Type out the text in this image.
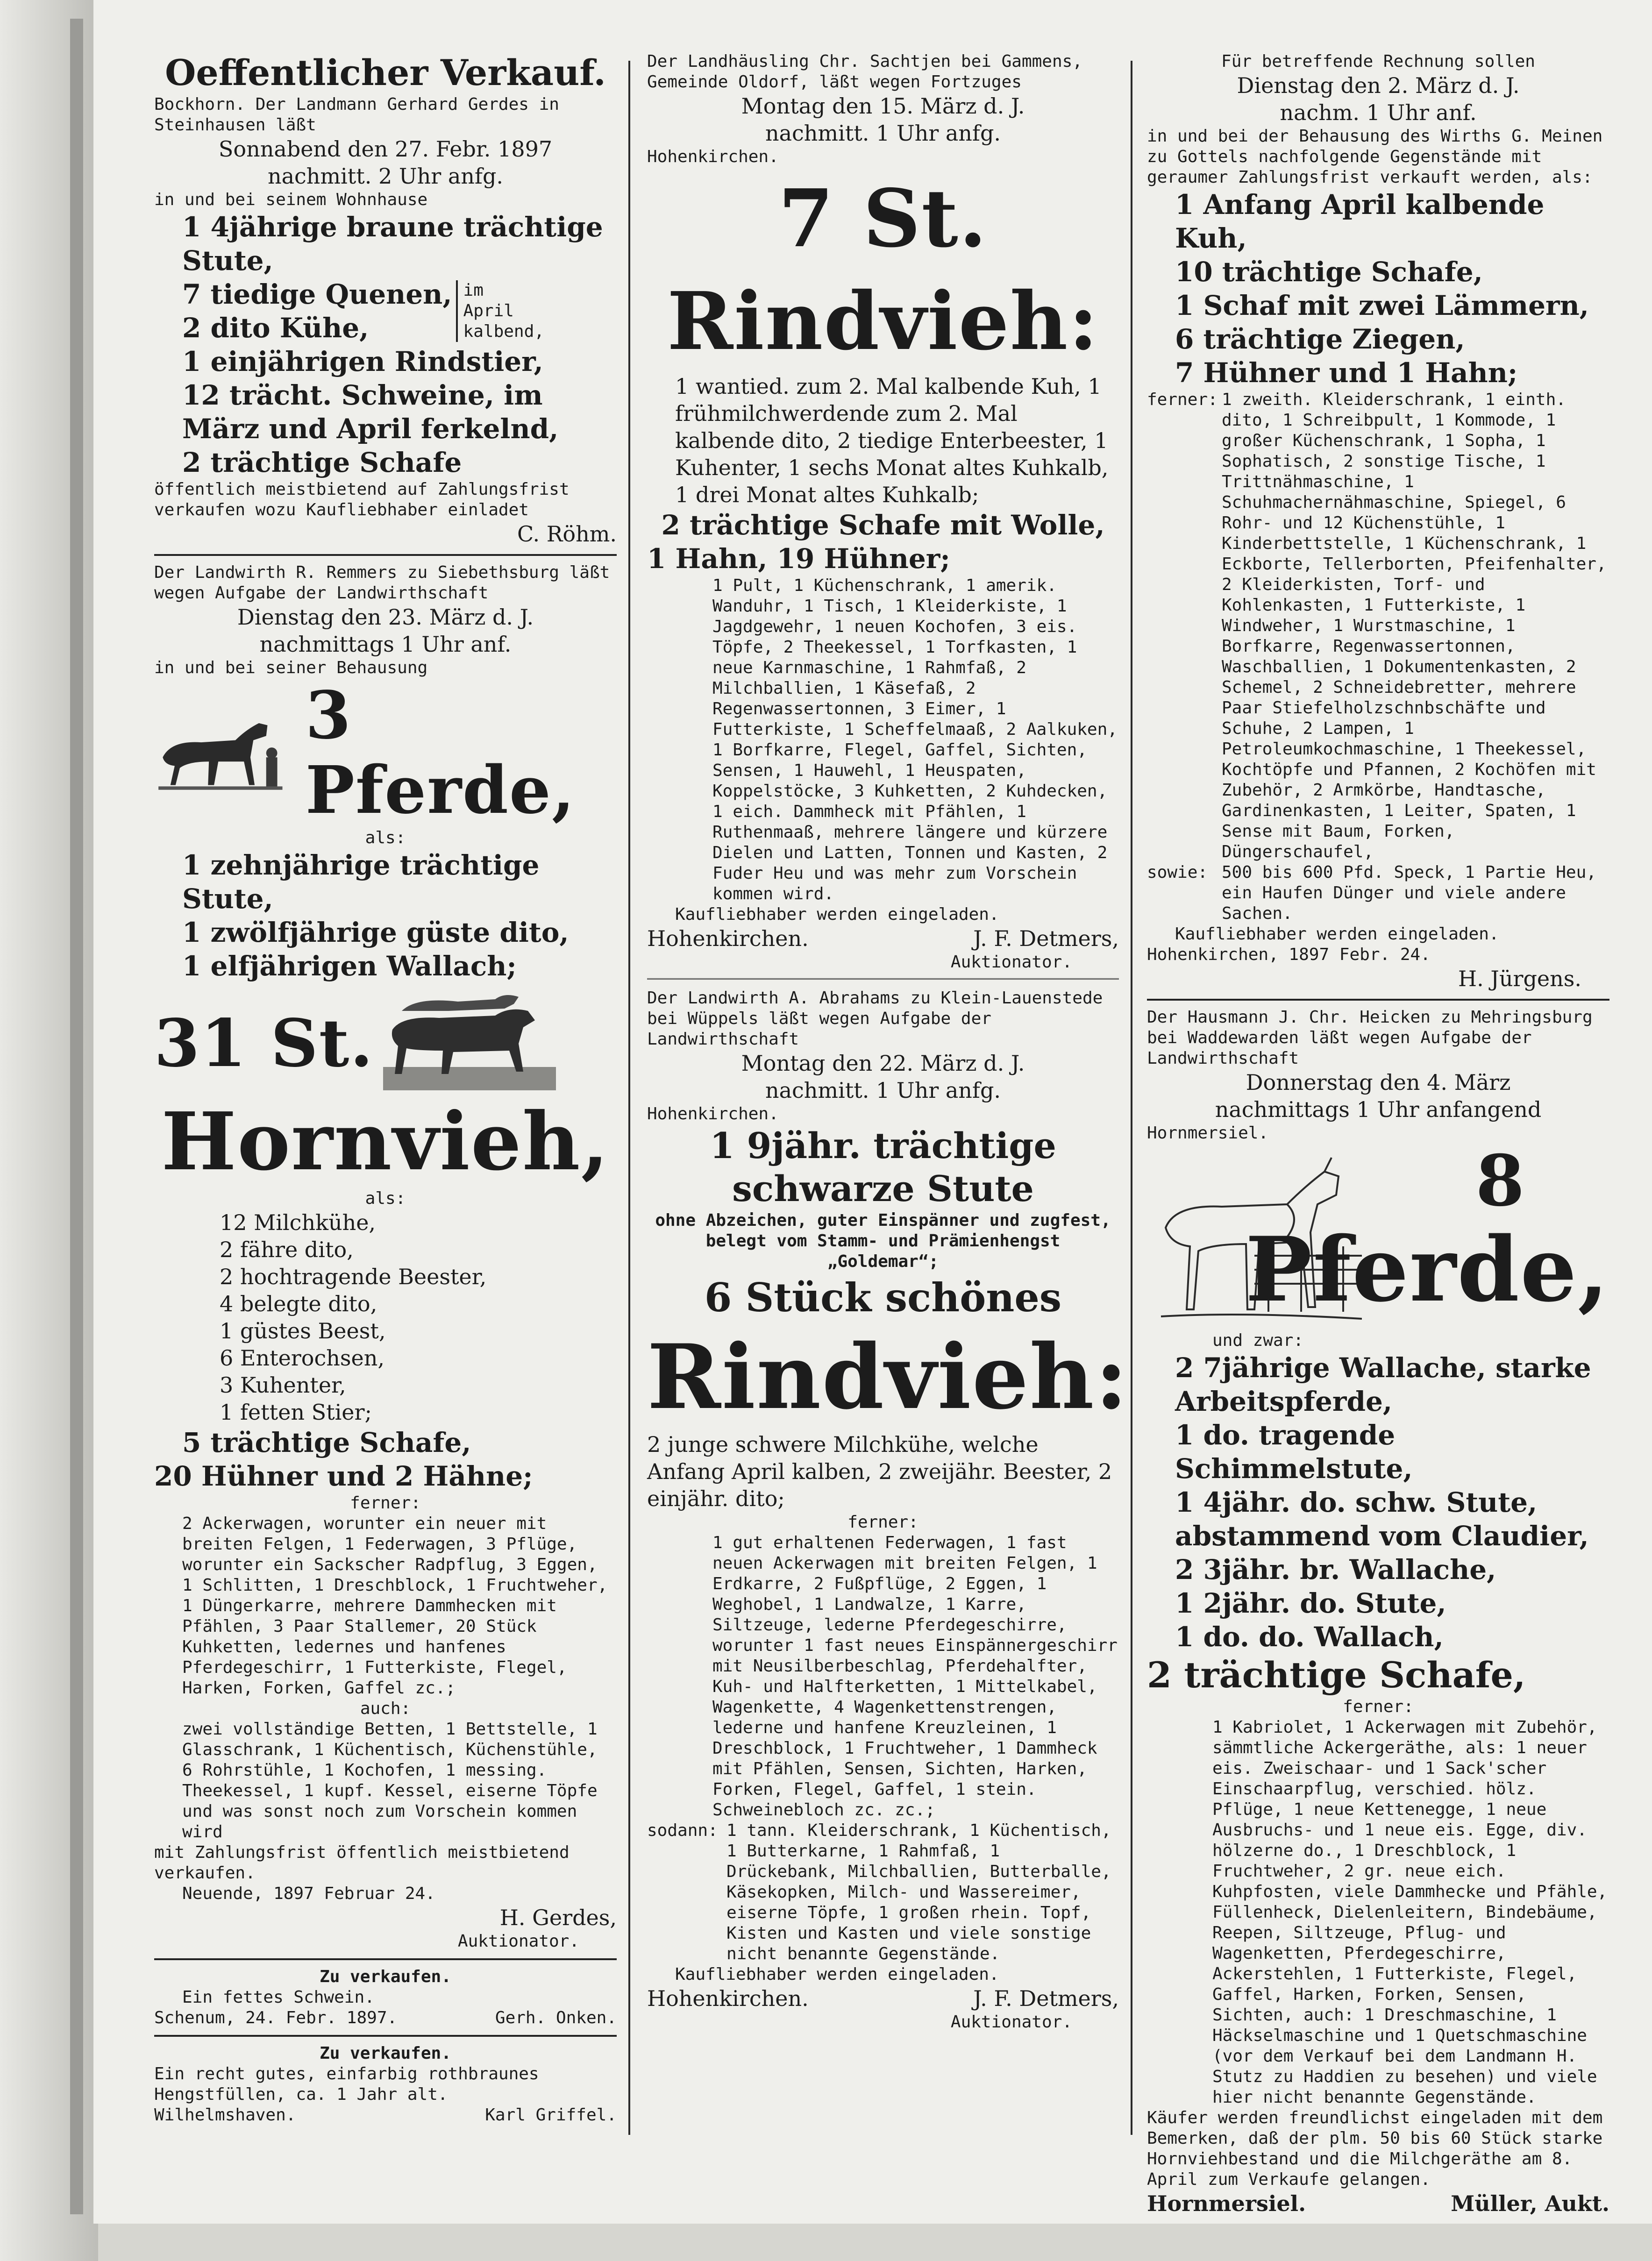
Oeffentlicher Verkauf.
Bockhorn. Der Landmann Gerhard Gerdes in Steinhausen läßt
Sonnabend den 27. Febr. 1897
nachmitt. 2 Uhr anfg.
in und bei seinem Wohnhause
1 4jährige braune trächtige Stute,
7 tiedige Quenen,
2 dito Kühe,
im April kalbend,
1 einjährigen Rindstier,
12 trächt. Schweine, im März und April ferkelnd,
2 trächtige Schafe
öffentlich meistbietend auf Zahlungsfrist verkaufen wozu Kaufliebhaber einladet
C. Röhm.
Der Landwirth R. Remmers zu Siebethsburg läßt wegen Aufgabe der Landwirthschaft
Dienstag den 23. März d. J.
nachmittags 1 Uhr anf.
in und bei seiner Behausung
3 Pferde,
als:
1 zehnjährige trächtige Stute,
1 zwölfjährige güste dito,
1 elfjährigen Wallach;
31 St.
Hornvieh,
als:
12 Milchkühe,
2 fähre dito,
2 hochtragende Beester,
4 belegte dito,
1 güstes Beest,
6 Enterochsen,
3 Kuhenter,
1 fetten Stier;
5 trächtige Schafe,
20 Hühner und 2 Hähne;
ferner:
2 Ackerwagen, worunter ein neuer mit breiten Felgen, 1 Federwagen, 3 Pflüge, worunter ein Sackscher Radpflug, 3 Eggen, 1 Schlitten, 1 Dreschblock, 1 Fruchtweher, 1 Düngerkarre, mehrere Dammhecken mit Pfählen, 3 Paar Stallemer, 20 Stück Kuhketten, ledernes und hanfenes Pferdegeschirr, 1 Futterkiste, Flegel, Harken, Forken, Gaffel zc.;
auch:
zwei vollständige Betten, 1 Bettstelle, 1 Glasschrank, 1 Küchentisch, Küchenstühle, 6 Rohrstühle, 1 Kochofen, 1 messing. Theekessel, 1 kupf. Kessel, eiserne Töpfe und was sonst noch zum Vorschein kommen wird
mit Zahlungsfrist öffentlich meistbietend verkaufen.
Neuende, 1897 Februar 24.
H. Gerdes,
Auktionator.
Zu verkaufen.
Ein fettes Schwein.
Schenum, 24. Febr. 1897.	Gerh. Onken.
Zu verkaufen.
Ein recht gutes, einfarbig rothbraunes Hengstfüllen, ca. 1 Jahr alt.
Wilhelmshaven.	Karl Griffel.
Der Landhäusling Chr. Sachtjen bei Gammens, Gemeinde Oldorf, läßt wegen Fortzuges
Montag den 15. März d. J.
nachmitt. 1 Uhr anfg.
Hohenkirchen.
7 St. Rindvieh:
1 wantied. zum 2. Mal kalbende Kuh, 1 frühmilchwerdende zum 2. Mal kalbende dito, 2 tiedige Enterbeester, 1 Kuhenter, 1 sechs Monat altes Kuhkalb, 1 drei Monat altes Kuhkalb;
2 trächtige Schafe mit Wolle,
1 Hahn, 19 Hühner;
1 Pult, 1 Küchenschrank, 1 amerik. Wanduhr, 1 Tisch, 1 Kleiderkiste, 1 Jagdgewehr, 1 neuen Kochofen, 3 eis. Töpfe, 2 Theekessel, 1 Torfkasten, 1 neue Karnmaschine, 1 Rahmfaß, 2 Milchballien, 1 Käsefaß, 2 Regenwassertonnen, 3 Eimer, 1 Futterkiste, 1 Scheffelmaaß, 2 Aalkuken, 1 Borfkarre, Flegel, Gaffel, Sichten, Sensen, 1 Hauwehl, 1 Heuspaten, Koppelstöcke, 3 Kuhketten, 2 Kuhdecken, 1 eich. Dammheck mit Pfählen, 1 Ruthenmaaß, mehrere längere und kürzere Dielen und Latten, Tonnen und Kasten, 2 Fuder Heu und was mehr zum Vorschein kommen wird.
Kaufliebhaber werden eingeladen.
Hohenkirchen.	J. F. Detmers,
Auktionator.
Der Landwirth A. Abrahams zu Klein-Lauenstede bei Wüppels läßt wegen Aufgabe der Landwirthschaft
Montag den 22. März d. J.
nachmitt. 1 Uhr anfg.
Hohenkirchen.
1 9jähr. trächtige schwarze Stute
ohne Abzeichen, guter Einspänner und zugfest, belegt vom Stamm- und Prämienhengst „Goldemar“;
6 Stück schönes
Rindvieh:
2 junge schwere Milchkühe, welche Anfang April kalben, 2 zweijähr. Beester, 2 einjähr. dito;
ferner:
1 gut erhaltenen Federwagen, 1 fast neuen Ackerwagen mit breiten Felgen, 1 Erdkarre, 2 Fußpflüge, 2 Eggen, 1 Weghobel, 1 Landwalze, 1 Karre, Siltzeuge, lederne Pferdegeschirre, worunter 1 fast neues Einspännergeschirr mit Neusilberbeschlag, Pferdehalfter, Kuh- und Halfterketten, 1 Mittelkabel, Wagenkette, 4 Wagenkettenstrengen, lederne und hanfene Kreuzleinen, 1 Dreschblock, 1 Fruchtweher, 1 Dammheck mit Pfählen, Sensen, Sichten, Harken, Forken, Flegel, Gaffel, 1 stein. Schweinebloch zc. zc.;
sodann: 1 tann. Kleiderschrank, 1 Küchentisch, 1 Butterkarne, 1 Rahmfaß, 1 Drückebank, Milchballien, Butterballe, Käsekopken, Milch- und Wassereimer, eiserne Töpfe, 1 großen rhein. Topf, Kisten und Kasten und viele sonstige nicht benannte Gegenstände.
Kaufliebhaber werden eingeladen.
Hohenkirchen.	J. F. Detmers,
Auktionator.
Für betreffende Rechnung sollen
Dienstag den 2. März d. J.
nachm. 1 Uhr anf.
in und bei der Behausung des Wirths G. Meinen zu Gottels nachfolgende Gegenstände mit geraumer Zahlungsfrist verkauft werden, als:
1 Anfang April kalbende Kuh,
10 trächtige Schafe,
1 Schaf mit zwei Lämmern,
6 trächtige Ziegen,
7 Hühner und 1 Hahn;
ferner: 1 zweith. Kleiderschrank, 1 einth. dito, 1 Schreibpult, 1 Kommode, 1 großer Küchenschrank, 1 Sopha, 1 Sophatisch, 2 sonstige Tische, 1 Trittnähmaschine, 1 Schuhmachernähmaschine, Spiegel, 6 Rohr- und 12 Küchenstühle, 1 Kinderbettstelle, 1 Küchenschrank, 1 Eckborte, Tellerborten, Pfeifenhalter, 2 Kleiderkisten, Torf- und Kohlenkasten, 1 Futterkiste, 1 Windweher, 1 Wurstmaschine, 1 Borfkarre, Regenwassertonnen, Waschballien, 1 Dokumentenkasten, 2 Schemel, 2 Schneidebretter, mehrere Paar Stiefelholzschnbschäfte und Schuhe, 2 Lampen, 1 Petroleumkochmaschine, 1 Theekessel, Kochtöpfe und Pfannen, 2 Kochöfen mit Zubehör, 2 Armkörbe, Handtasche, Gardinenkasten, 1 Leiter, Spaten, 1 Sense mit Baum, Forken, Düngerschaufel,
sowie: 500 bis 600 Pfd. Speck, 1 Partie Heu, ein Haufen Dünger und viele andere Sachen.
Kaufliebhaber werden eingeladen.
Hohenkirchen, 1897 Febr. 24.
H. Jürgens.
Der Hausmann J. Chr. Heicken zu Mehringsburg bei Waddewarden läßt wegen Aufgabe der Landwirthschaft
Donnerstag den 4. März
nachmittags 1 Uhr anfangend
Hornmersiel.
8
Pferde,
und zwar:
2 7jährige Wallache, starke Arbeitspferde,
1 do. tragende Schimmelstute,
1 4jähr. do. schw. Stute, abstammend vom Claudier,
2 3jähr. br. Wallache,
1 2jähr. do. Stute,
1 do. do. Wallach,
2 trächtige Schafe,
ferner:
1 Kabriolet, 1 Ackerwagen mit Zubehör, sämmtliche Ackergeräthe, als: 1 neuer eis. Zweischaar- und 1 Sack'scher Einschaarpflug, verschied. hölz. Pflüge, 1 neue Kettenegge, 1 neue Ausbruchs- und 1 neue eis. Egge, div. hölzerne do., 1 Dreschblock, 1 Fruchtweher, 2 gr. neue eich. Kuhpfosten, viele Dammhecke und Pfähle, Füllenheck, Dielenleitern, Bindebäume, Reepen, Siltzeuge, Pflug- und Wagenketten, Pferdegeschirre, Ackerstehlen, 1 Futterkiste, Flegel, Gaffel, Harken, Forken, Sensen, Sichten, auch: 1 Dreschmaschine, 1 Häckselmaschine und 1 Quetschmaschine (vor dem Verkauf bei dem Landmann H. Stutz zu Haddien zu besehen) und viele hier nicht benannte Gegenstände.
Käufer werden freundlichst eingeladen mit dem Bemerken, daß der plm. 50 bis 60 Stück starke Hornviehbestand und die Milchgeräthe am 8. April zum Verkaufe gelangen.
Hornmersiel.	Müller, Aukt.
